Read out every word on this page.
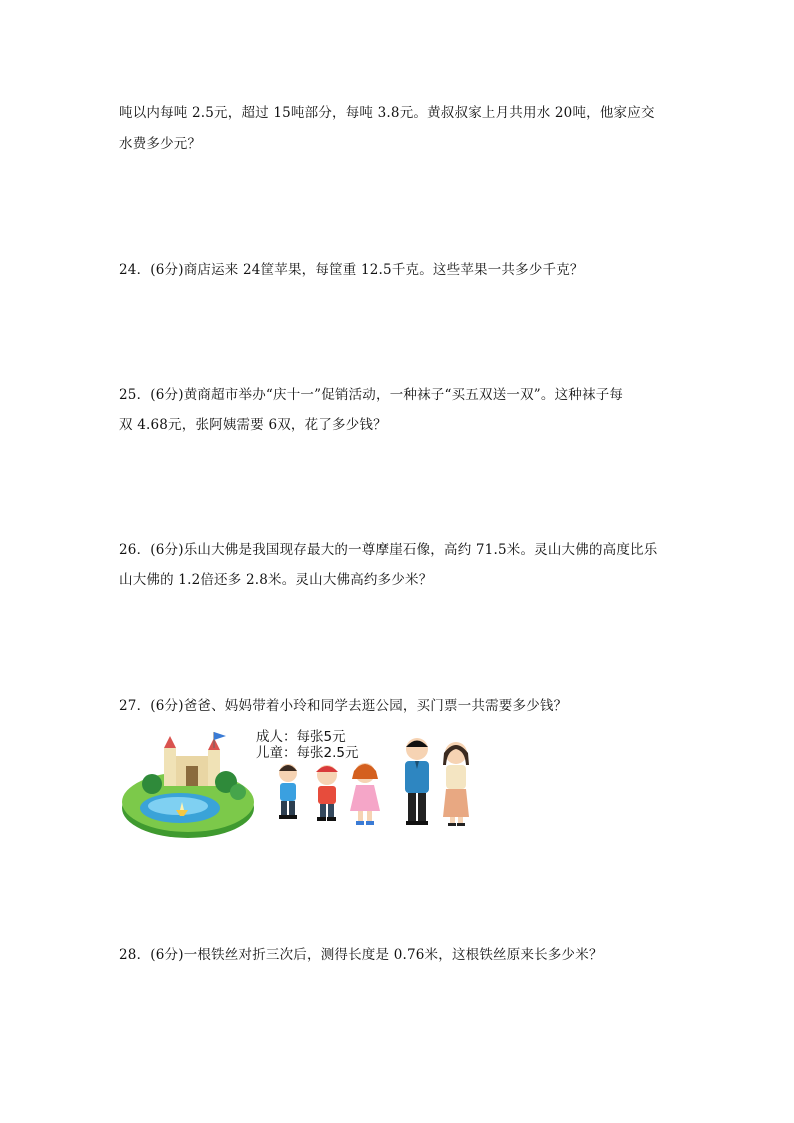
吨以内每吨 2.5元，超过 15吨部分，每吨 3.8元。黄叔叔家上月共用水 20吨，他家应交
水费多少元？
24．(6分)商店运来 24筐苹果，每筐重 12.5千克。这些苹果一共多少千克？
25．(6分)黄商超市举办“庆十一”促销活动，一种袜子“买五双送一双”。这种袜子每
双 4.68元，张阿姨需要 6双，花了多少钱？
26．(6分)乐山大佛是我国现存最大的一尊摩崖石像，高约 71.5米。灵山大佛的高度比乐
山大佛的 1.2倍还多 2.8米。灵山大佛高约多少米？
27．(6分)爸爸、妈妈带着小玲和同学去逛公园，买门票一共需要多少钱？
成人：每张5元
儿童：每张2.5元
28．(6分)一根铁丝对折三次后，测得长度是 0.76米，这根铁丝原来长多少米？
